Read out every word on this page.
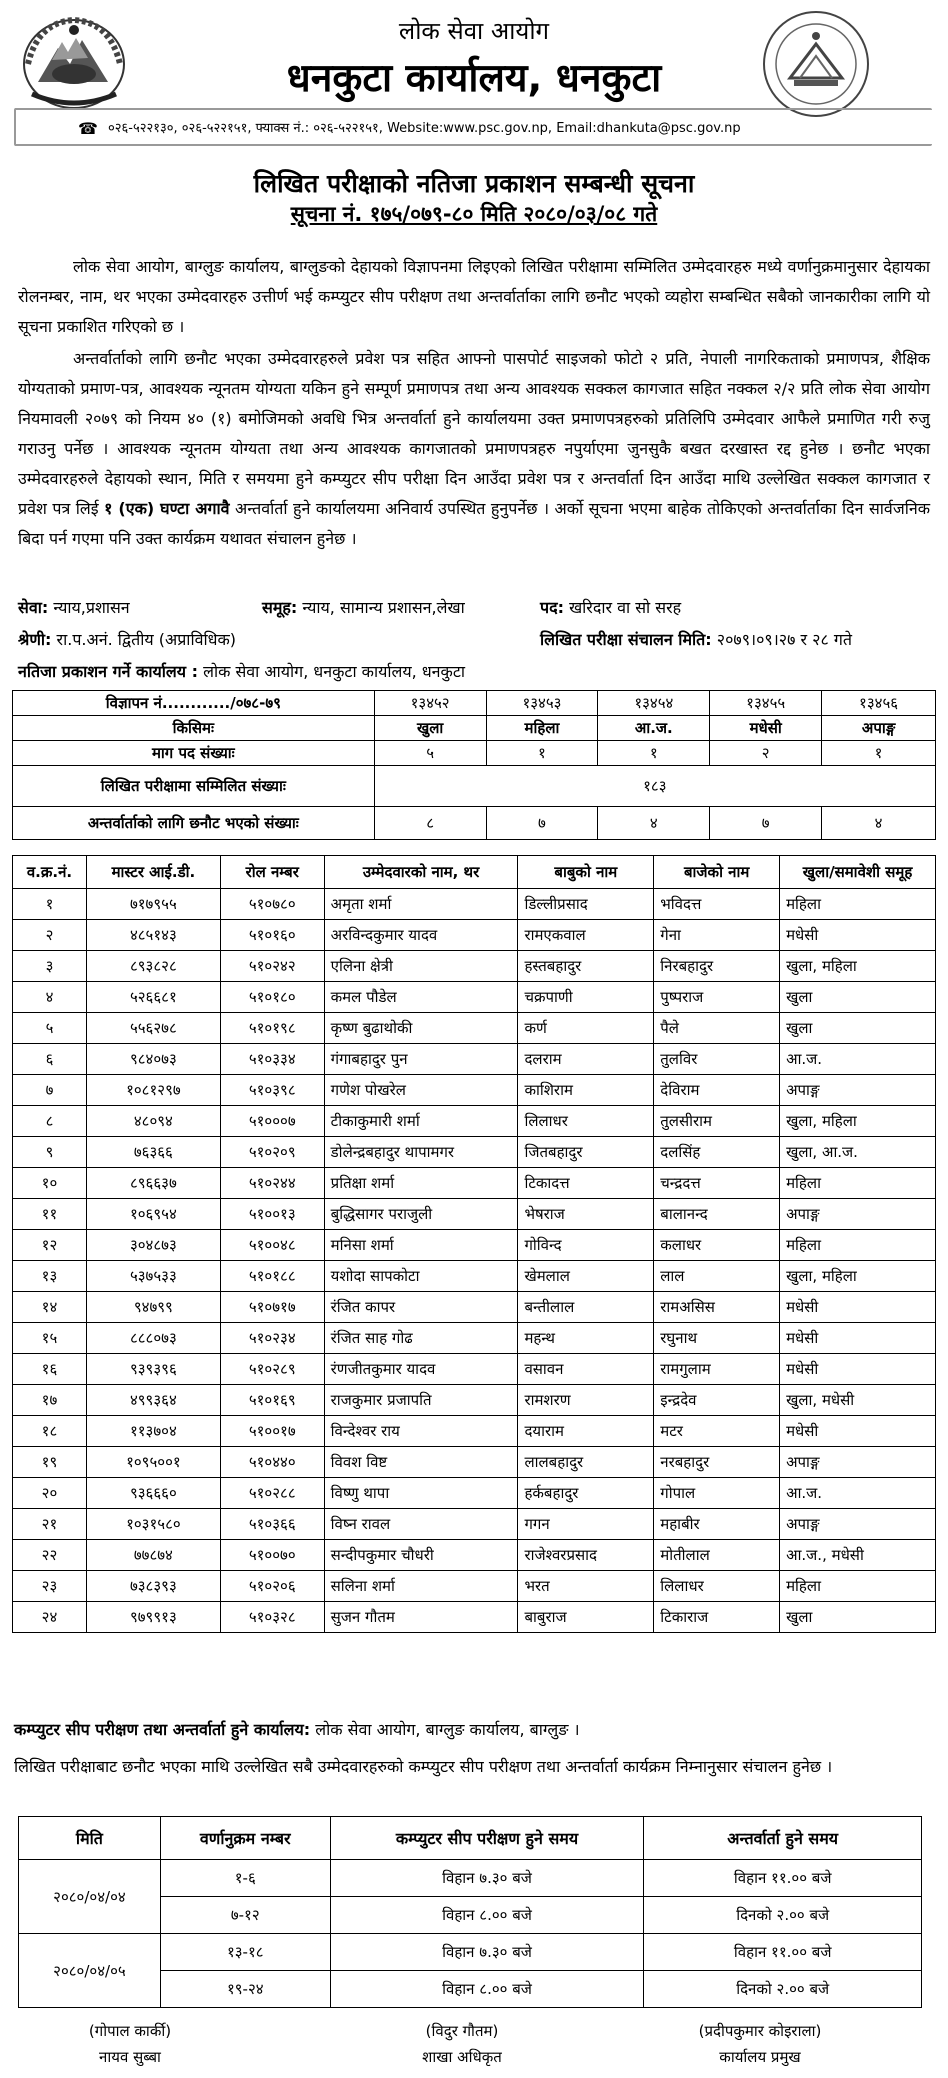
लोक सेवा आयोग
धनकुटा कार्यालय, धनकुटा
☎ ०२६-५२२१३०, ०२६-५२२१५१, फ्याक्स नं.: ०२६-५२२१५१, Website:www.psc.gov.np, Email:dhankuta@psc.gov.np
लिखित परीक्षाको नतिजा प्रकाशन सम्बन्धी सूचना
सूचना नं. १७५/०७९-८० मिति २०८०/०३/०८ गते
लोक सेवा आयोग, बाग्लुङ कार्यालय, बाग्लुङको देहायको विज्ञापनमा लिइएको लिखित परीक्षामा सम्मिलित उम्मेदवारहरु मध्ये वर्णानुक्रमानुसार देहायका रोलनम्बर, नाम, थर भएका उम्मेदवारहरु उत्तीर्ण भई कम्प्युटर सीप परीक्षण तथा अन्तर्वार्ताका लागि छनौट भएको व्यहोरा सम्बन्धित सबैको जानकारीका लागि यो सूचना प्रकाशित गरिएको छ ।
अन्तर्वार्ताको लागि छनौट भएका उम्मेदवारहरुले प्रवेश पत्र सहित आफ्नो पासपोर्ट साइजको फोटो २ प्रति, नेपाली नागरिकताको प्रमाणपत्र, शैक्षिक योग्यताको प्रमाण-पत्र, आवश्यक न्यूनतम योग्यता यकिन हुने सम्पूर्ण प्रमाणपत्र तथा अन्य आवश्यक सक्कल कागजात सहित नक्कल २/२ प्रति लोक सेवा आयोग नियमावली २०७९ को नियम ४० (१) बमोजिमको अवधि भित्र अन्तर्वार्ता हुने कार्यालयमा उक्त प्रमाणपत्रहरुको प्रतिलिपि उम्मेदवार आफैले प्रमाणित गरी रुजु गराउनु पर्नेछ । आवश्यक न्यूनतम योग्यता तथा अन्य आवश्यक कागजातको प्रमाणपत्रहरु नपुर्याएमा जुनसुकै बखत दरखास्त रद्द हुनेछ । छनौट भएका उम्मेदवारहरुले देहायको स्थान, मिति र समयमा हुने कम्प्युटर सीप परीक्षा दिन आउँदा प्रवेश पत्र र अन्तर्वार्ता दिन आउँदा माथि उल्लेखित सक्कल कागजात र प्रवेश पत्र लिई १ (एक) घण्टा अगावै अन्तर्वार्ता हुने कार्यालयमा अनिवार्य उपस्थित हुनुपर्नेछ । अर्को सूचना भएमा बाहेक तोकिएको अन्तर्वार्ताका दिन सार्वजनिक बिदा पर्न गएमा पनि उक्त कार्यक्रम यथावत संचालन हुनेछ ।
सेवा: न्याय,प्रशासन	समूह: न्याय, सामान्य प्रशासन,लेखा	पद: खरिदार वा सो सरह
श्रेणी: रा.प.अनं. द्वितीय (अप्राविधिक)	लिखित परीक्षा संचालन मिति: २०७९।०९।२७ र २८ गते
नतिजा प्रकाशन गर्ने कार्यालय : लोक सेवा आयोग, धनकुटा कार्यालय, धनकुटा
विज्ञापन नं............/०७८-७९	१३४५२	१३४५३	१३४५४	१३४५५	१३४५६
किसिमः	खुला	महिला	आ.ज.	मधेसी	अपाङ्ग
माग पद संख्याः	५	१	१	२	१
लिखित परीक्षामा सम्मिलित संख्याः	१८३				
अन्तर्वार्ताको लागि छनौट भएको संख्याः	८	७	४	७	४
व.क्र.नं.	मास्टर आई.डी.	रोल नम्बर	उम्मेदवारको नाम, थर	बाबुको नाम	बाजेको नाम	खुला/समावेशी समूह
१	७१७९५५	५१०७८०	अमृता शर्मा	डिल्लीप्रसाद	भविदत्त	महिला
२	४८५१४३	५१०१६०	अरविन्दकुमार यादव	रामएकवाल	गेना	मधेसी
३	८९३८२८	५१०२४२	एलिना क्षेत्री	हस्तबहादुर	निरबहादुर	खुला, महिला
४	५२६६८१	५१०१८०	कमल पौडेल	चक्रपाणी	पुष्पराज	खुला
५	५५६२७८	५१०१९८	कृष्ण बुढाथोकी	कर्ण	पैले	खुला
६	९८४०७३	५१०३३४	गंगाबहादुर पुन	दलराम	तुलविर	आ.ज.
७	१०८१२९७	५१०३९८	गणेश पोखरेल	काशिराम	देविराम	अपाङ्ग
८	४८०९४	५१०००७	टीकाकुमारी शर्मा	लिलाधर	तुलसीराम	खुला, महिला
९	७६३६६	५१०२०९	डोलेन्द्रबहादुर थापामगर	जितबहादुर	दलसिंह	खुला, आ.ज.
१०	८९६६३७	५१०२४४	प्रतिक्षा शर्मा	टिकादत्त	चन्द्रदत्त	महिला
११	१०६९५४	५१००१३	बुद्धिसागर पराजुली	भेषराज	बालानन्द	अपाङ्ग
१२	३०४८७३	५१००४८	मनिसा शर्मा	गोविन्द	कलाधर	महिला
१३	५३७५३३	५१०१८८	यशोदा सापकोटा	खेमलाल	लाल	खुला, महिला
१४	९४७९९	५१०७१७	रंजित कापर	बन्तीलाल	रामअसिस	मधेसी
१५	८८८०७३	५१०२३४	रंजित साह गोढ	महन्थ	रघुनाथ	मधेसी
१६	९३९३९६	५१०२८९	रंणजीतकुमार यादव	वसावन	रामगुलाम	मधेसी
१७	४९९३६४	५१०१६९	राजकुमार प्रजापति	रामशरण	इन्द्रदेव	खुला, मधेसी
१८	११३७०४	५१००१७	विन्देश्वर राय	दयाराम	मटर	मधेसी
१९	१०९५००१	५१०४४०	विवश विष्ट	लालबहादुर	नरबहादुर	अपाङ्ग
२०	९३६६६०	५१०२८८	विष्णु थापा	हर्कबहादुर	गोपाल	आ.ज.
२१	१०३१५८०	५१०३६६	विष्न रावल	गगन	महाबीर	अपाङ्ग
२२	७७८७४	५१००७०	सन्दीपकुमार चौधरी	राजेश्वरप्रसाद	मोतीलाल	आ.ज., मधेसी
२३	७३८३९३	५१०२०६	सलिना शर्मा	भरत	लिलाधर	महिला
२४	९७९९१३	५१०३२८	सुजन गौतम	बाबुराज	टिकाराज	खुला
कम्प्युटर सीप परीक्षण तथा अन्तर्वार्ता हुने कार्यालय: लोक सेवा आयोग, बाग्लुङ कार्यालय, बाग्लुङ ।
लिखित परीक्षाबाट छनौट भएका माथि उल्लेखित सबै उम्मेदवारहरुको कम्प्युटर सीप परीक्षण तथा अन्तर्वार्ता कार्यक्रम निम्नानुसार संचालन हुनेछ ।
मिति	वर्णानुक्रम नम्बर	कम्प्युटर सीप परीक्षण हुने समय	अन्तर्वार्ता हुने समय
२०८०/०४/०४	१-६	विहान ७.३० बजे	विहान ११.०० बजे
	७-१२	विहान ८.०० बजे	दिनको २.०० बजे
२०८०/०४/०५	१३-१८	विहान ७.३० बजे	विहान ११.०० बजे
	१९-२४	विहान ८.०० बजे	दिनको २.०० बजे
(गोपाल कार्की)
नायव सुब्बा
(विदुर गौतम)
शाखा अधिकृत
(प्रदीपकुमार कोइराला)
कार्यालय प्रमुख
